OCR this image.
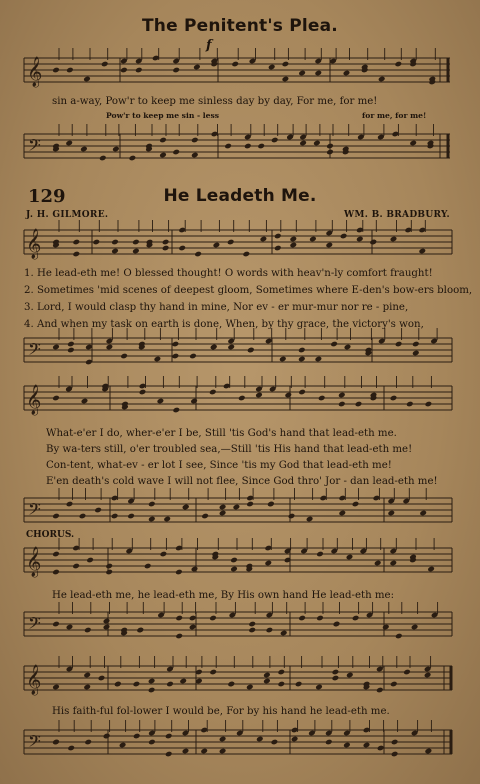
The Penitent's Plea.
f
𝄞
sin a-way, Pow'r to keep me sinless day by day, For me, for me!
Pow'r to keep me sin - less	for me, for me!
𝄢
129	He Leadeth Me.
J. H. GILMORE.	WM. B. BRADBURY.
𝄞
1. He lead-eth me! O blessed thought! O words with heav'n-ly comfort fraught!
2. Sometimes 'mid scenes of deepest gloom, Sometimes where E-den's bow-ers bloom,
3. Lord, I would clasp thy hand in mine, Nor ev - er mur-mur nor re - pine,
4. And when my task on earth is done, When, by thy grace, the victory's won,
𝄢
𝄞
What-e'er I do, wher-e'er I be, Still 'tis God's hand that lead-eth me.
By wa-ters still, o'er troubled sea,—Still 'tis His hand that lead-eth me!
Con-tent, what-ev - er lot I see, Since 'tis my God that lead-eth me!
E'en death's cold wave I will not flee, Since God thro' Jor - dan lead-eth me!
𝄢
CHORUS.
𝄞
He lead-eth me, he lead-eth me, By His own hand He lead-eth me:
𝄢
𝄞
His faith-ful fol-lower I would be, For by his hand he lead-eth me.
𝄢
